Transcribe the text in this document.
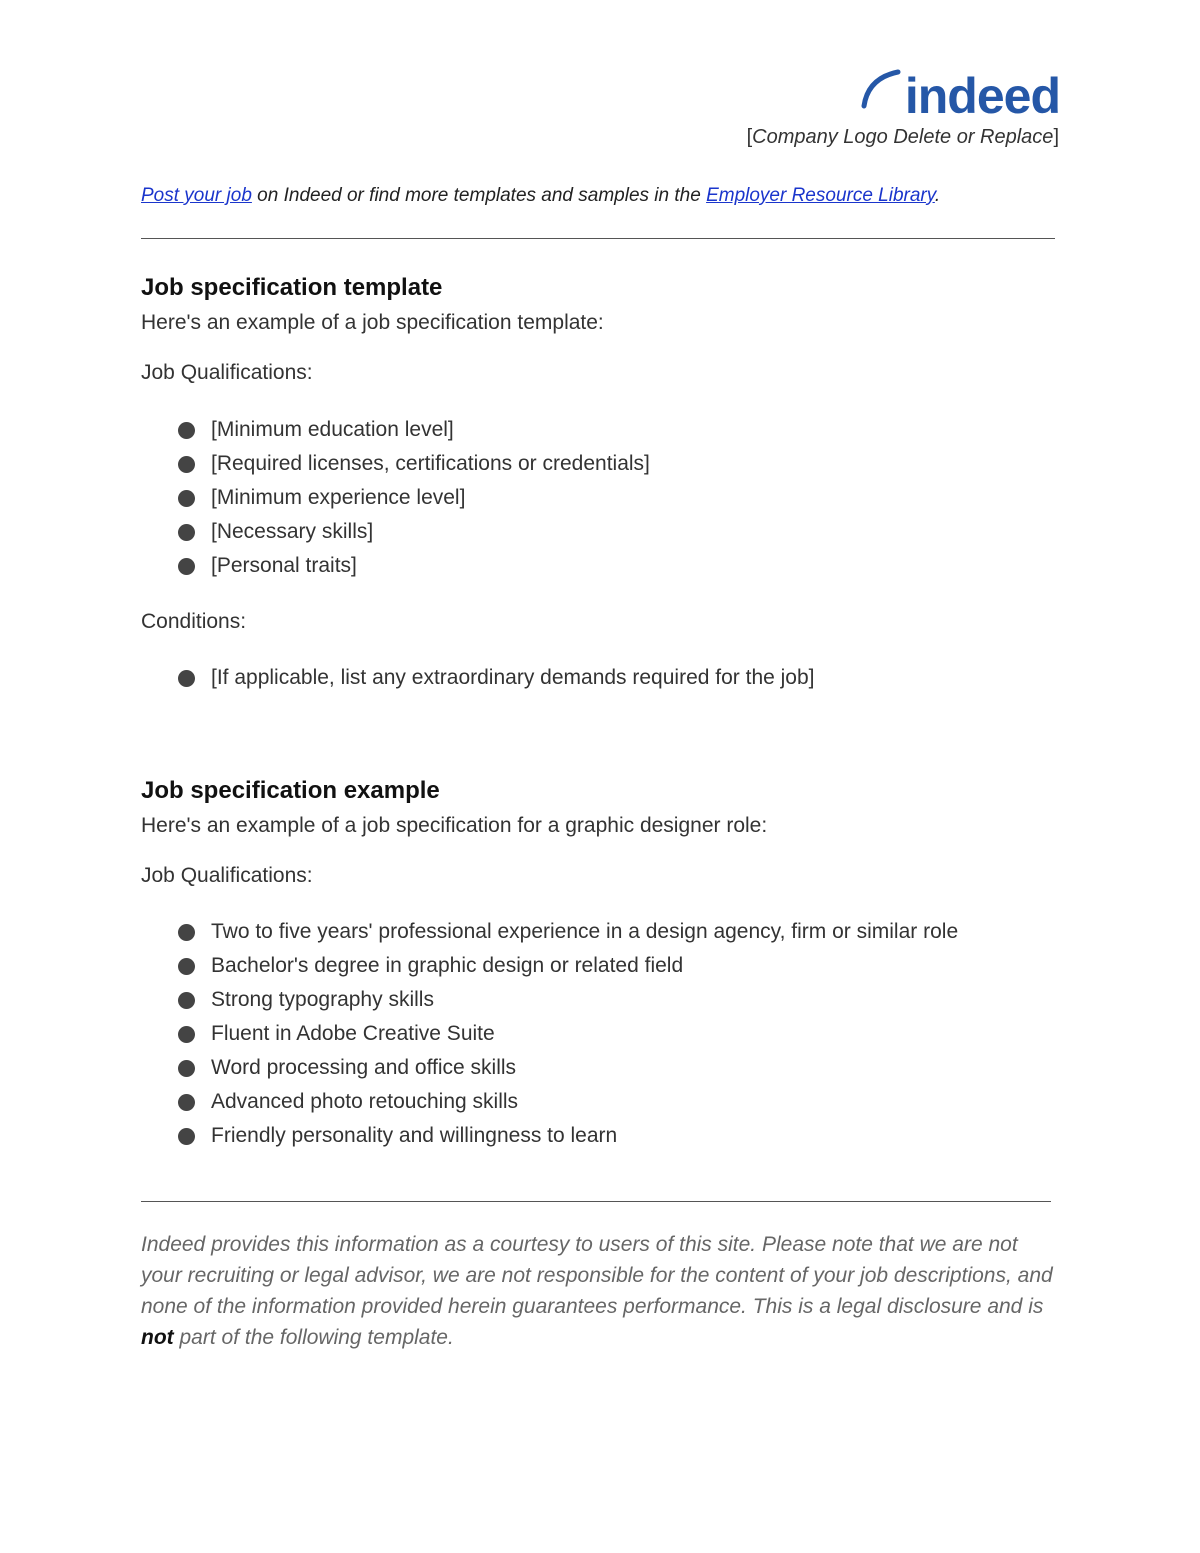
indeed
[Company Logo Delete or Replace]
Post your job on Indeed or find more templates and samples in the Employer Resource Library.
Job specification template

Here's an example of a job specification template:

Job Qualifications:

[Minimum education level]
[Required licenses, certifications or credentials]
[Minimum experience level]
[Necessary skills]
[Personal traits]

Conditions:

[If applicable, list any extraordinary demands required for the job]
Job specification example

Here's an example of a job specification for a graphic designer role:

Job Qualifications:

Two to five years' professional experience in a design agency, firm or similar role
Bachelor's degree in graphic design or related field
Strong typography skills
Fluent in Adobe Creative Suite
Word processing and office skills
Advanced photo retouching skills
Friendly personality and willingness to learn

Indeed provides this information as a courtesy to users of this site. Please note that we are not your recruiting or legal advisor, we are not responsible for the content of your job descriptions, and none of the information provided herein guarantees performance. This is a legal disclosure and is not part of the following template.
